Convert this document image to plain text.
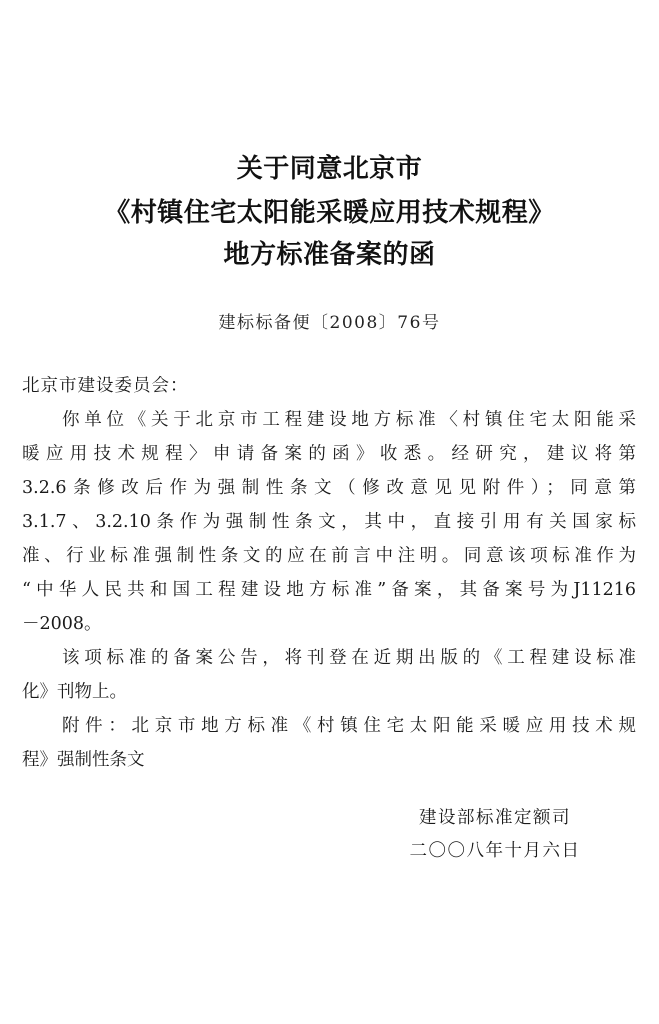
关于同意北京市
《村镇住宅太阳能采暖应用技术规程》
地方标准备案的函
建标标备便〔2008〕76号
北京市建设委员会：
你单位《关于北京市工程建设地方标准〈村镇住宅太阳能采
暖应用技术规程〉申请备案的函》收悉。经研究，建议将第
3.2.6条修改后作为强制性条文（修改意见见附件）；同意第
3.1.7、3.2.10条作为强制性条文，其中，直接引用有关国家标
准、行业标准强制性条文的应在前言中注明。同意该项标准作为
“中华人民共和国工程建设地方标准”备案，其备案号为J11216
－2008。
该项标准的备案公告，将刊登在近期出版的《工程建设标准
化》刊物上。
附件：北京市地方标准《村镇住宅太阳能采暖应用技术规
程》强制性条文
建设部标准定额司
二〇〇八年十月六日
